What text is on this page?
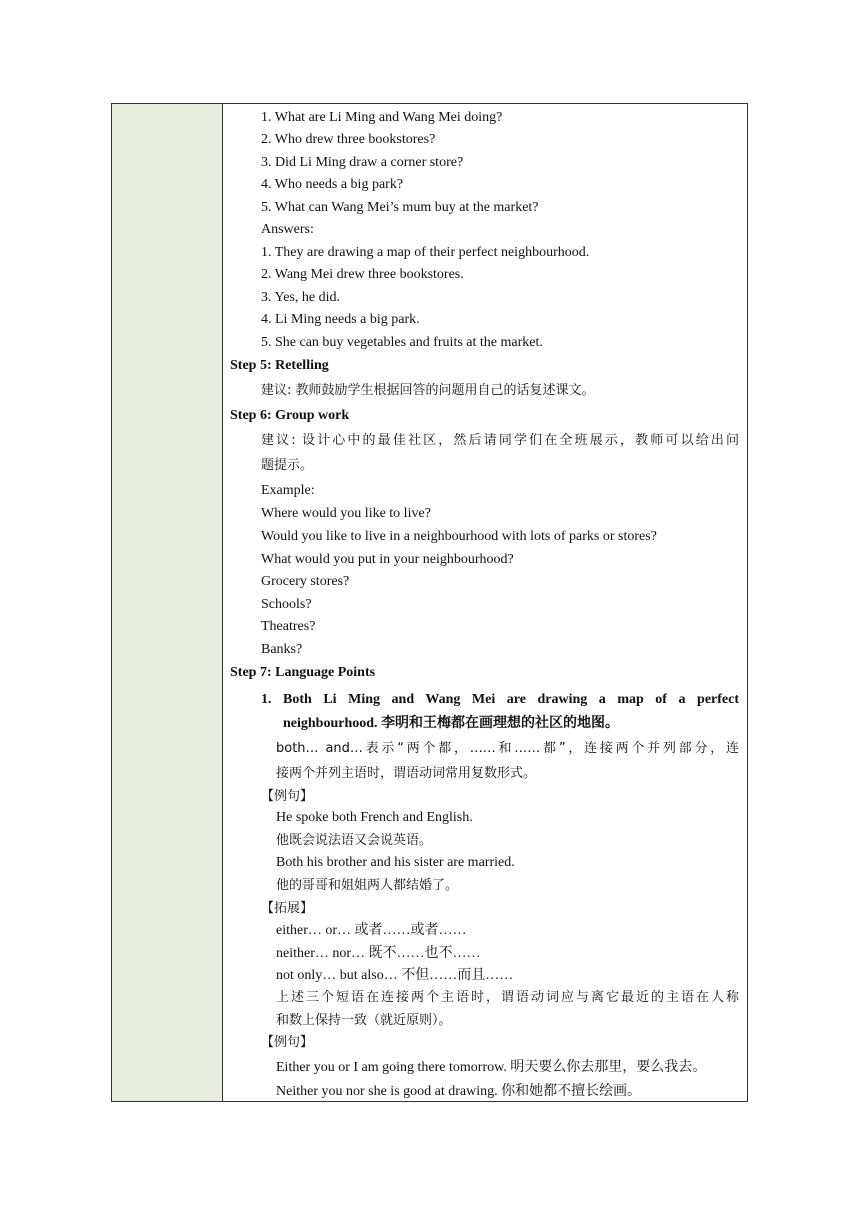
1. What are Li Ming and Wang Mei doing?
2. Who drew three bookstores?
3. Did Li Ming draw a corner store?
4. Who needs a big park?
5. What can Wang Mei’s mum buy at the market?
Answers:
1. They are drawing a map of their perfect neighbourhood.
2. Wang Mei drew three bookstores.
3. Yes, he did.
4. Li Ming needs a big park.
5. She can buy vegetables and fruits at the market.
Step 5: Retelling
建议: 教师鼓励学生根据回答的问题用自己的话复述课文。
Step 6: Group work
建议: 设计心中的最佳社区，然后请同学们在全班展示，教师可以给出问
题提示。
Example:
Where would you like to live?
Would you like to live in a neighbourhood with lots of parks or stores?
What would you put in your neighbourhood?
Grocery stores?
Schools?
Theatres?
Banks?
Step 7: Language Points
1. Both Li Ming and Wang Mei are drawing a map of a perfect
neighbourhood. 李明和王梅都在画理想的社区的地图。
both… and…表示“两个都，……和……都”，连接两个并列部分，连
接两个并列主语时，谓语动词常用复数形式。
【例句】
He spoke both French and English.
他既会说法语又会说英语。
Both his brother and his sister are married.
他的哥哥和姐姐两人都结婚了。
【拓展】
either… or… 或者……或者……
neither… nor… 既不……也不……
not only… but also… 不但……而且……
上述三个短语在连接两个主语时，谓语动词应与离它最近的主语在人称
和数上保持一致（就近原则）。
【例句】
Either you or I am going there tomorrow. 明天要么你去那里，要么我去。
Neither you nor she is good at drawing. 你和她都不擅长绘画。
